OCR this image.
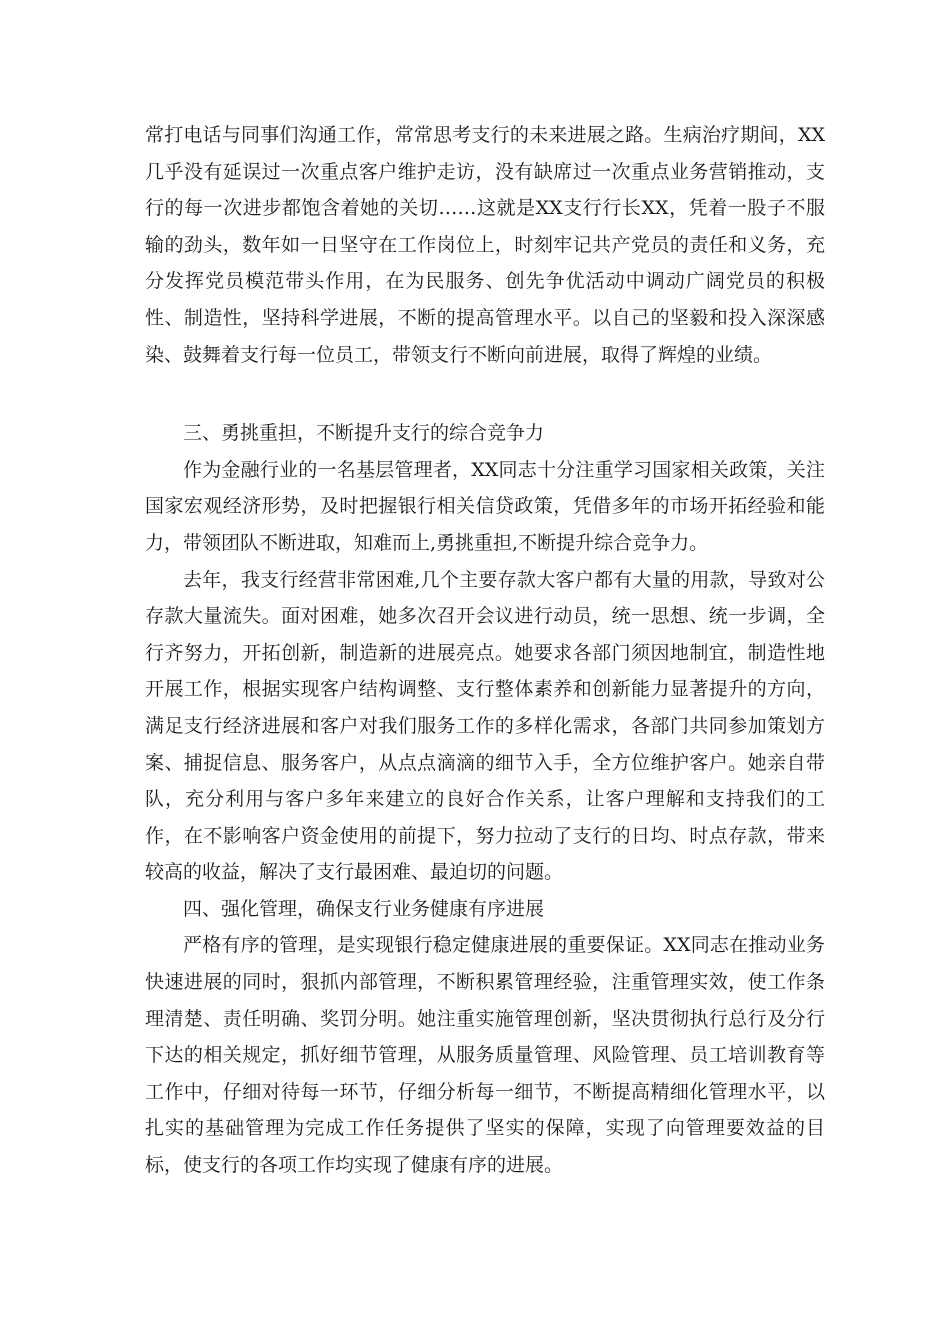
常打电话与同事们沟通工作，常常思考支行的未来进展之路。生病治疗期间，XX几乎没有延误过一次重点客户维护走访，没有缺席过一次重点业务营销推动，支行的每一次进步都饱含着她的关切……这就是XX支行行长XX，凭着一股子不服输的劲头，数年如一日坚守在工作岗位上，时刻牢记共产党员的责任和义务，充分发挥党员模范带头作用，在为民服务、创先争优活动中调动广阔党员的积极性、制造性，坚持科学进展，不断的提高管理水平。以自己的坚毅和投入深深感染、鼓舞着支行每一位员工，带领支行不断向前进展，取得了辉煌的业绩。

三、勇挑重担，不断提升支行的综合竞争力

作为金融行业的一名基层管理者，XX同志十分注重学习国家相关政策，关注国家宏观经济形势，及时把握银行相关信贷政策，凭借多年的市场开拓经验和能力，带领团队不断进取，知难而上,勇挑重担,不断提升综合竞争力。

去年，我支行经营非常困难,几个主要存款大客户都有大量的用款，导致对公存款大量流失。面对困难，她多次召开会议进行动员，统一思想、统一步调，全行齐努力，开拓创新，制造新的进展亮点。她要求各部门须因地制宜，制造性地开展工作，根据实现客户结构调整、支行整体素养和创新能力显著提升的方向，满足支行经济进展和客户对我们服务工作的多样化需求，各部门共同参加策划方案、捕捉信息、服务客户，从点点滴滴的细节入手，全方位维护客户。她亲自带队，充分利用与客户多年来建立的良好合作关系，让客户理解和支持我们的工作，在不影响客户资金使用的前提下，努力拉动了支行的日均、时点存款，带来较高的收益，解决了支行最困难、最迫切的问题。

四、强化管理，确保支行业务健康有序进展

严格有序的管理，是实现银行稳定健康进展的重要保证。XX同志在推动业务快速进展的同时，狠抓内部管理，不断积累管理经验，注重管理实效，使工作条理清楚、责任明确、奖罚分明。她注重实施管理创新，坚决贯彻执行总行及分行下达的相关规定，抓好细节管理，从服务质量管理、风险管理、员工培训教育等工作中，仔细对待每一环节，仔细分析每一细节，不断提高精细化管理水平，以扎实的基础管理为完成工作任务提供了坚实的保障，实现了向管理要效益的目标，使支行的各项工作均实现了健康有序的进展。
